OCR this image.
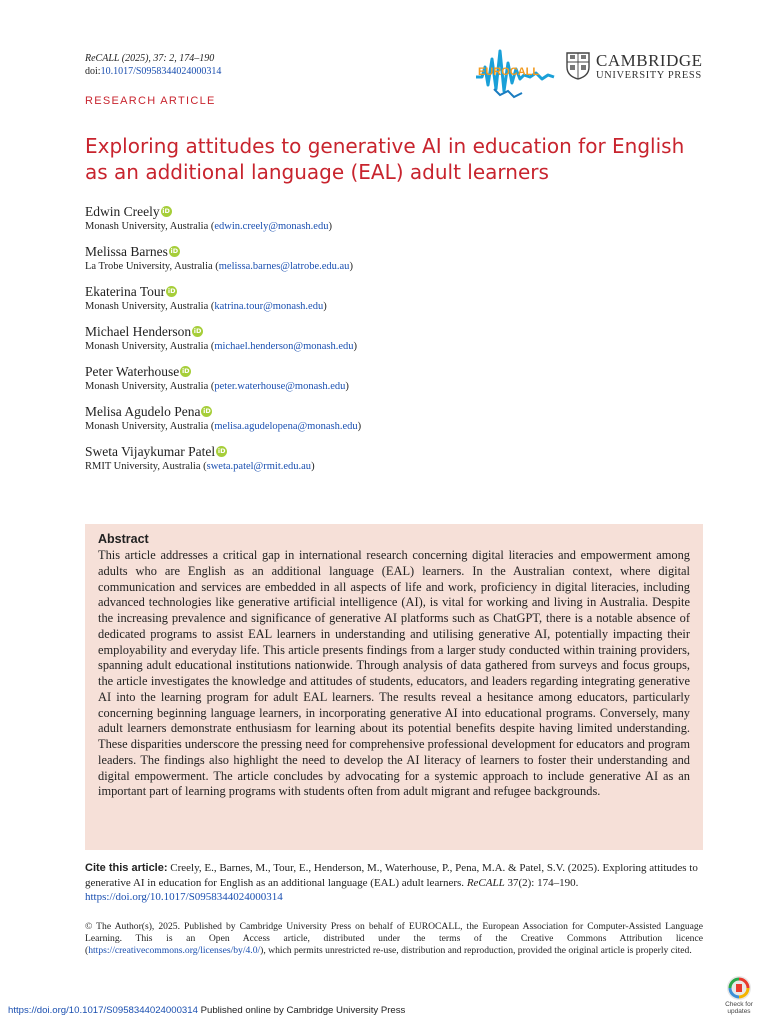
ReCALL (2025), 37: 2, 174–190
doi:10.1017/S0958344024000314	EUROCALL
CAMBRIDGE
UNIVERSITY PRESS
RESEARCH ARTICLE
Exploring attitudes to generative AI in education for English as an additional language (EAL) adult learners
Edwin Creely iD
Monash University, Australia (edwin.creely@monash.edu)
Melissa Barnes iD
La Trobe University, Australia (melissa.barnes@latrobe.edu.au)
Ekaterina Tour iD
Monash University, Australia (katrina.tour@monash.edu)
Michael Henderson iD
Monash University, Australia (michael.henderson@monash.edu)
Peter Waterhouse iD
Monash University, Australia (peter.waterhouse@monash.edu)
Melisa Agudelo Pena iD
Monash University, Australia (melisa.agudelopena@monash.edu)
Sweta Vijaykumar Patel iD
RMIT University, Australia (sweta.patel@rmit.edu.au)
Abstract
This article addresses a critical gap in international research concerning digital literacies and empowerment among adults who are English as an additional language (EAL) learners. In the Australian context, where digital communication and services are embedded in all aspects of life and work, proficiency in digital literacies, including advanced technologies like generative artificial intelligence (AI), is vital for working and living in Australia. Despite the increasing prevalence and significance of generative AI platforms such as ChatGPT, there is a notable absence of dedicated programs to assist EAL learners in understanding and utilising generative AI, potentially impacting their employability and everyday life. This article presents findings from a larger study conducted within training providers, spanning adult educational institutions nationwide. Through analysis of data gathered from surveys and focus groups, the article investigates the knowledge and attitudes of students, educators, and leaders regarding integrating generative AI into the learning program for adult EAL learners. The results reveal a hesitance among educators, particularly concerning beginning language learners, in incorporating generative AI into educational programs. Conversely, many adult learners demonstrate enthusiasm for learning about its potential benefits despite having limited understanding. These disparities underscore the pressing need for comprehensive professional development for educators and program leaders. The findings also highlight the need to develop the AI literacy of learners to foster their understanding and digital empowerment. The article concludes by advocating for a systemic approach to include generative AI as an important part of learning programs with students often from adult migrant and refugee backgrounds.
Cite this article: Creely, E., Barnes, M., Tour, E., Henderson, M., Waterhouse, P., Pena, M.A. & Patel, S.V. (2025). Exploring attitudes to generative AI in education for English as an additional language (EAL) adult learners. ReCALL 37(2): 174–190.
https://doi.org/10.1017/S0958344024000314
© The Author(s), 2025. Published by Cambridge University Press on behalf of EUROCALL, the European Association for Computer-Assisted Language Learning. This is an Open Access article, distributed under the terms of the Creative Commons Attribution licence (https://creativecommons.org/licenses/by/4.0/), which permits unrestricted re-use, distribution and reproduction, provided the original article is properly cited.
https://doi.org/10.1017/S0958344024000314 Published online by Cambridge University Press
Check for
updates
